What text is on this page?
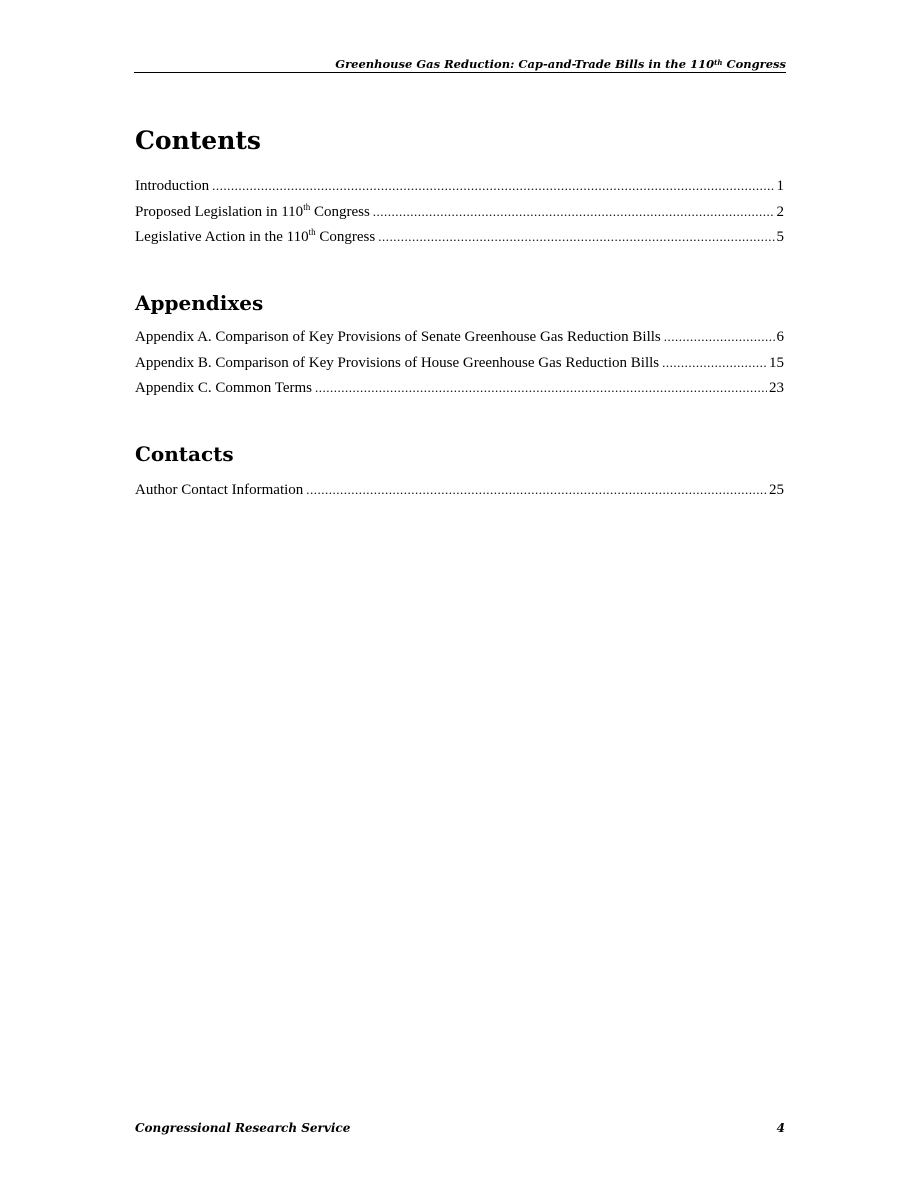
Greenhouse Gas Reduction: Cap-and-Trade Bills in the 110th Congress
Contents
Introduction .....	1
Proposed Legislation in 110th Congress .....	2
Legislative Action in the 110th Congress .....	5
Appendixes
Appendix A. Comparison of Key Provisions of Senate Greenhouse Gas Reduction Bills .....	6
Appendix B. Comparison of Key Provisions of House Greenhouse Gas Reduction Bills .....	15
Appendix C. Common Terms .....	23
Contacts
Author Contact Information .....	25
Congressional Research Service	4
